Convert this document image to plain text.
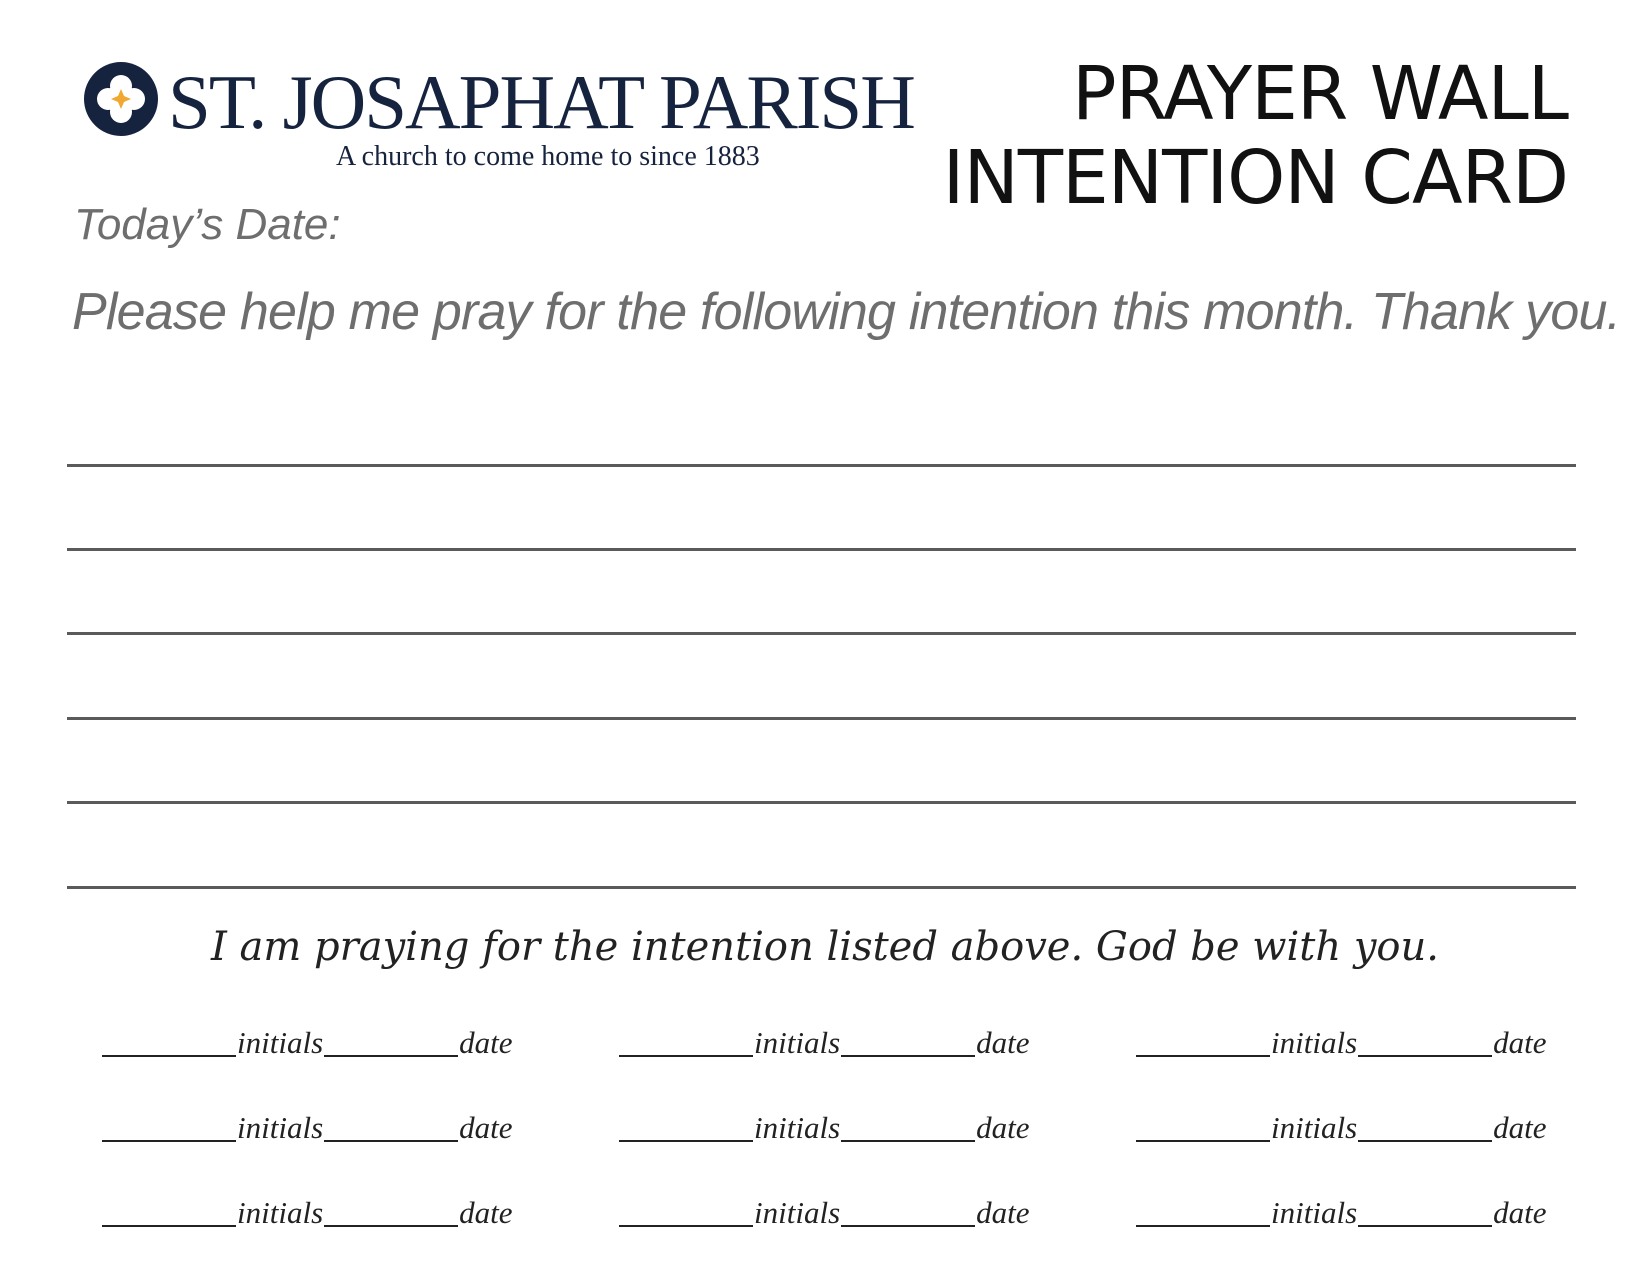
ST. JOSAPHAT PARISH
A church to come home to since 1883
PRAYER WALL
INTENTION CARD
Today’s Date:
Please help me pray for the following intention this month. Thank you.
I am praying for the intention listed above. God be with you.
initials	date	initials	date	initials	date
initials	date	initials	date	initials	date
initials	date	initials	date	initials	date
